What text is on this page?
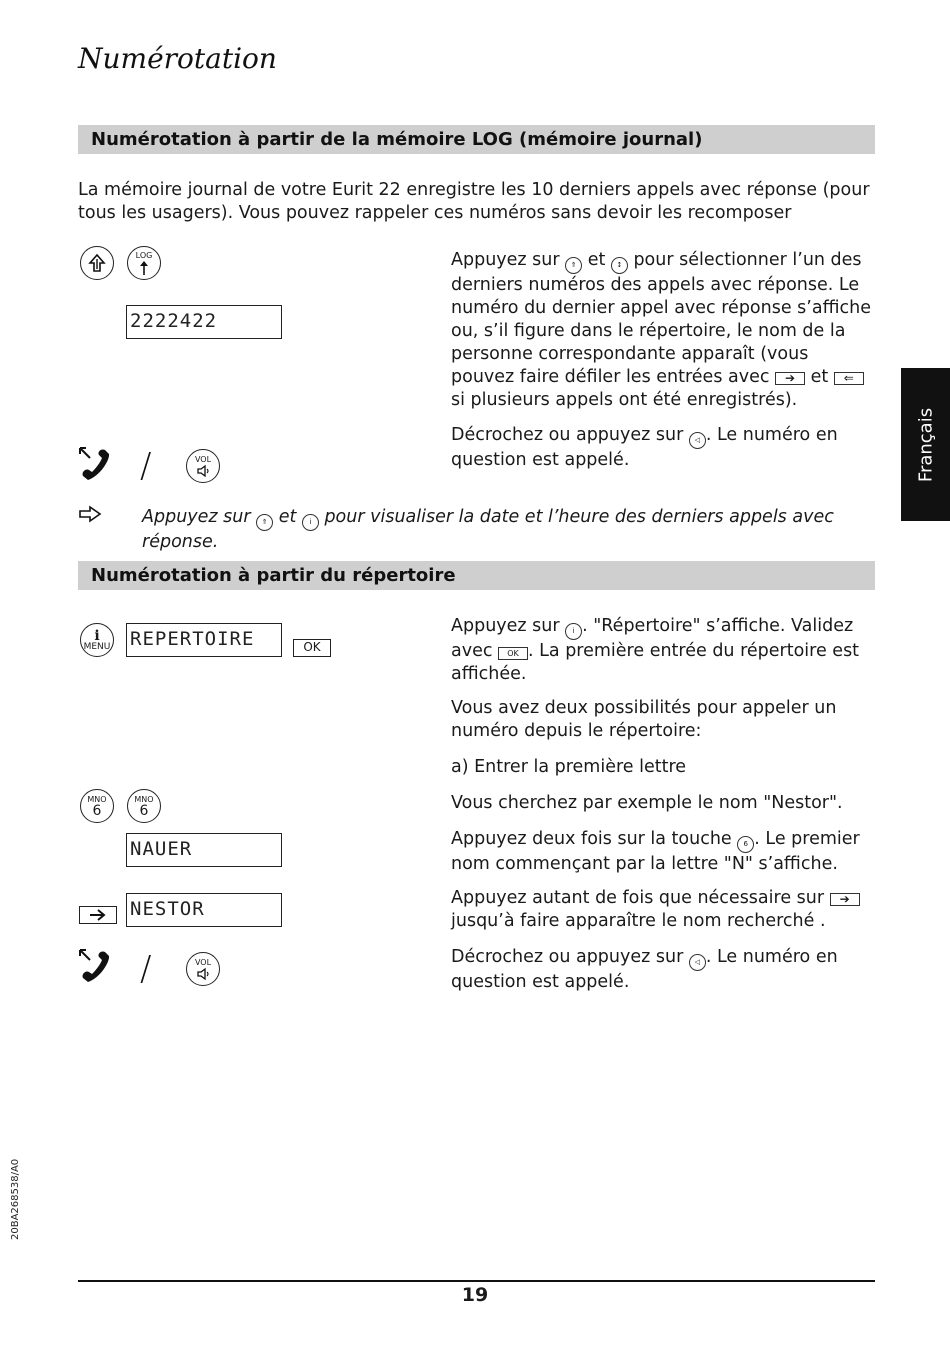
Numérotation
Numérotation à partir de la mémoire LOG (mémoire journal)
La mémoire journal de votre Eurit 22 enregistre les 10 derniers appels avec réponse (pour tous les usagers). Vous pouvez rappeler ces numéros sans devoir les recomposer
LOG
2222422
/	VOL
Appuyez sur ⇑ et ↕ pour sélectionner l’un des derniers numéros des appels avec réponse. Le numéro du dernier appel avec réponse s’affiche ou, s’il figure dans le répertoire, le nom de la personne correspondante apparaît (vous pouvez faire défiler les entrées avec ➔ et ⇐ si plusieurs appels ont été enregistrés).
Décrochez ou appuyez sur ◁ . Le numéro en question est appelé.
Appuyez sur ⇑ et i pour visualiser la date et l’heure des derniers appels avec réponse.
Numérotation à partir du répertoire
i
MENU REPERTOIRE	OK
MNO
6
MNO
6
NAUER
NESTOR
/	VOL
Appuyez sur i . "Répertoire" s’affiche. Validez avec OK . La première entrée du répertoire est affichée.
Vous avez deux possibilités pour appeler un numéro depuis le répertoire:
a) Entrer la première lettre
Vous cherchez par exemple le nom "Nestor".
Appuyez deux fois sur la touche 6 . Le premier nom commençant par la lettre "N" s’affiche.
Appuyez autant de fois que nécessaire sur ➔ jusqu’à faire apparaître le nom recherché .
Décrochez ou appuyez sur ◁ . Le numéro en question est appelé.
Français
20BA268538/A0
19
